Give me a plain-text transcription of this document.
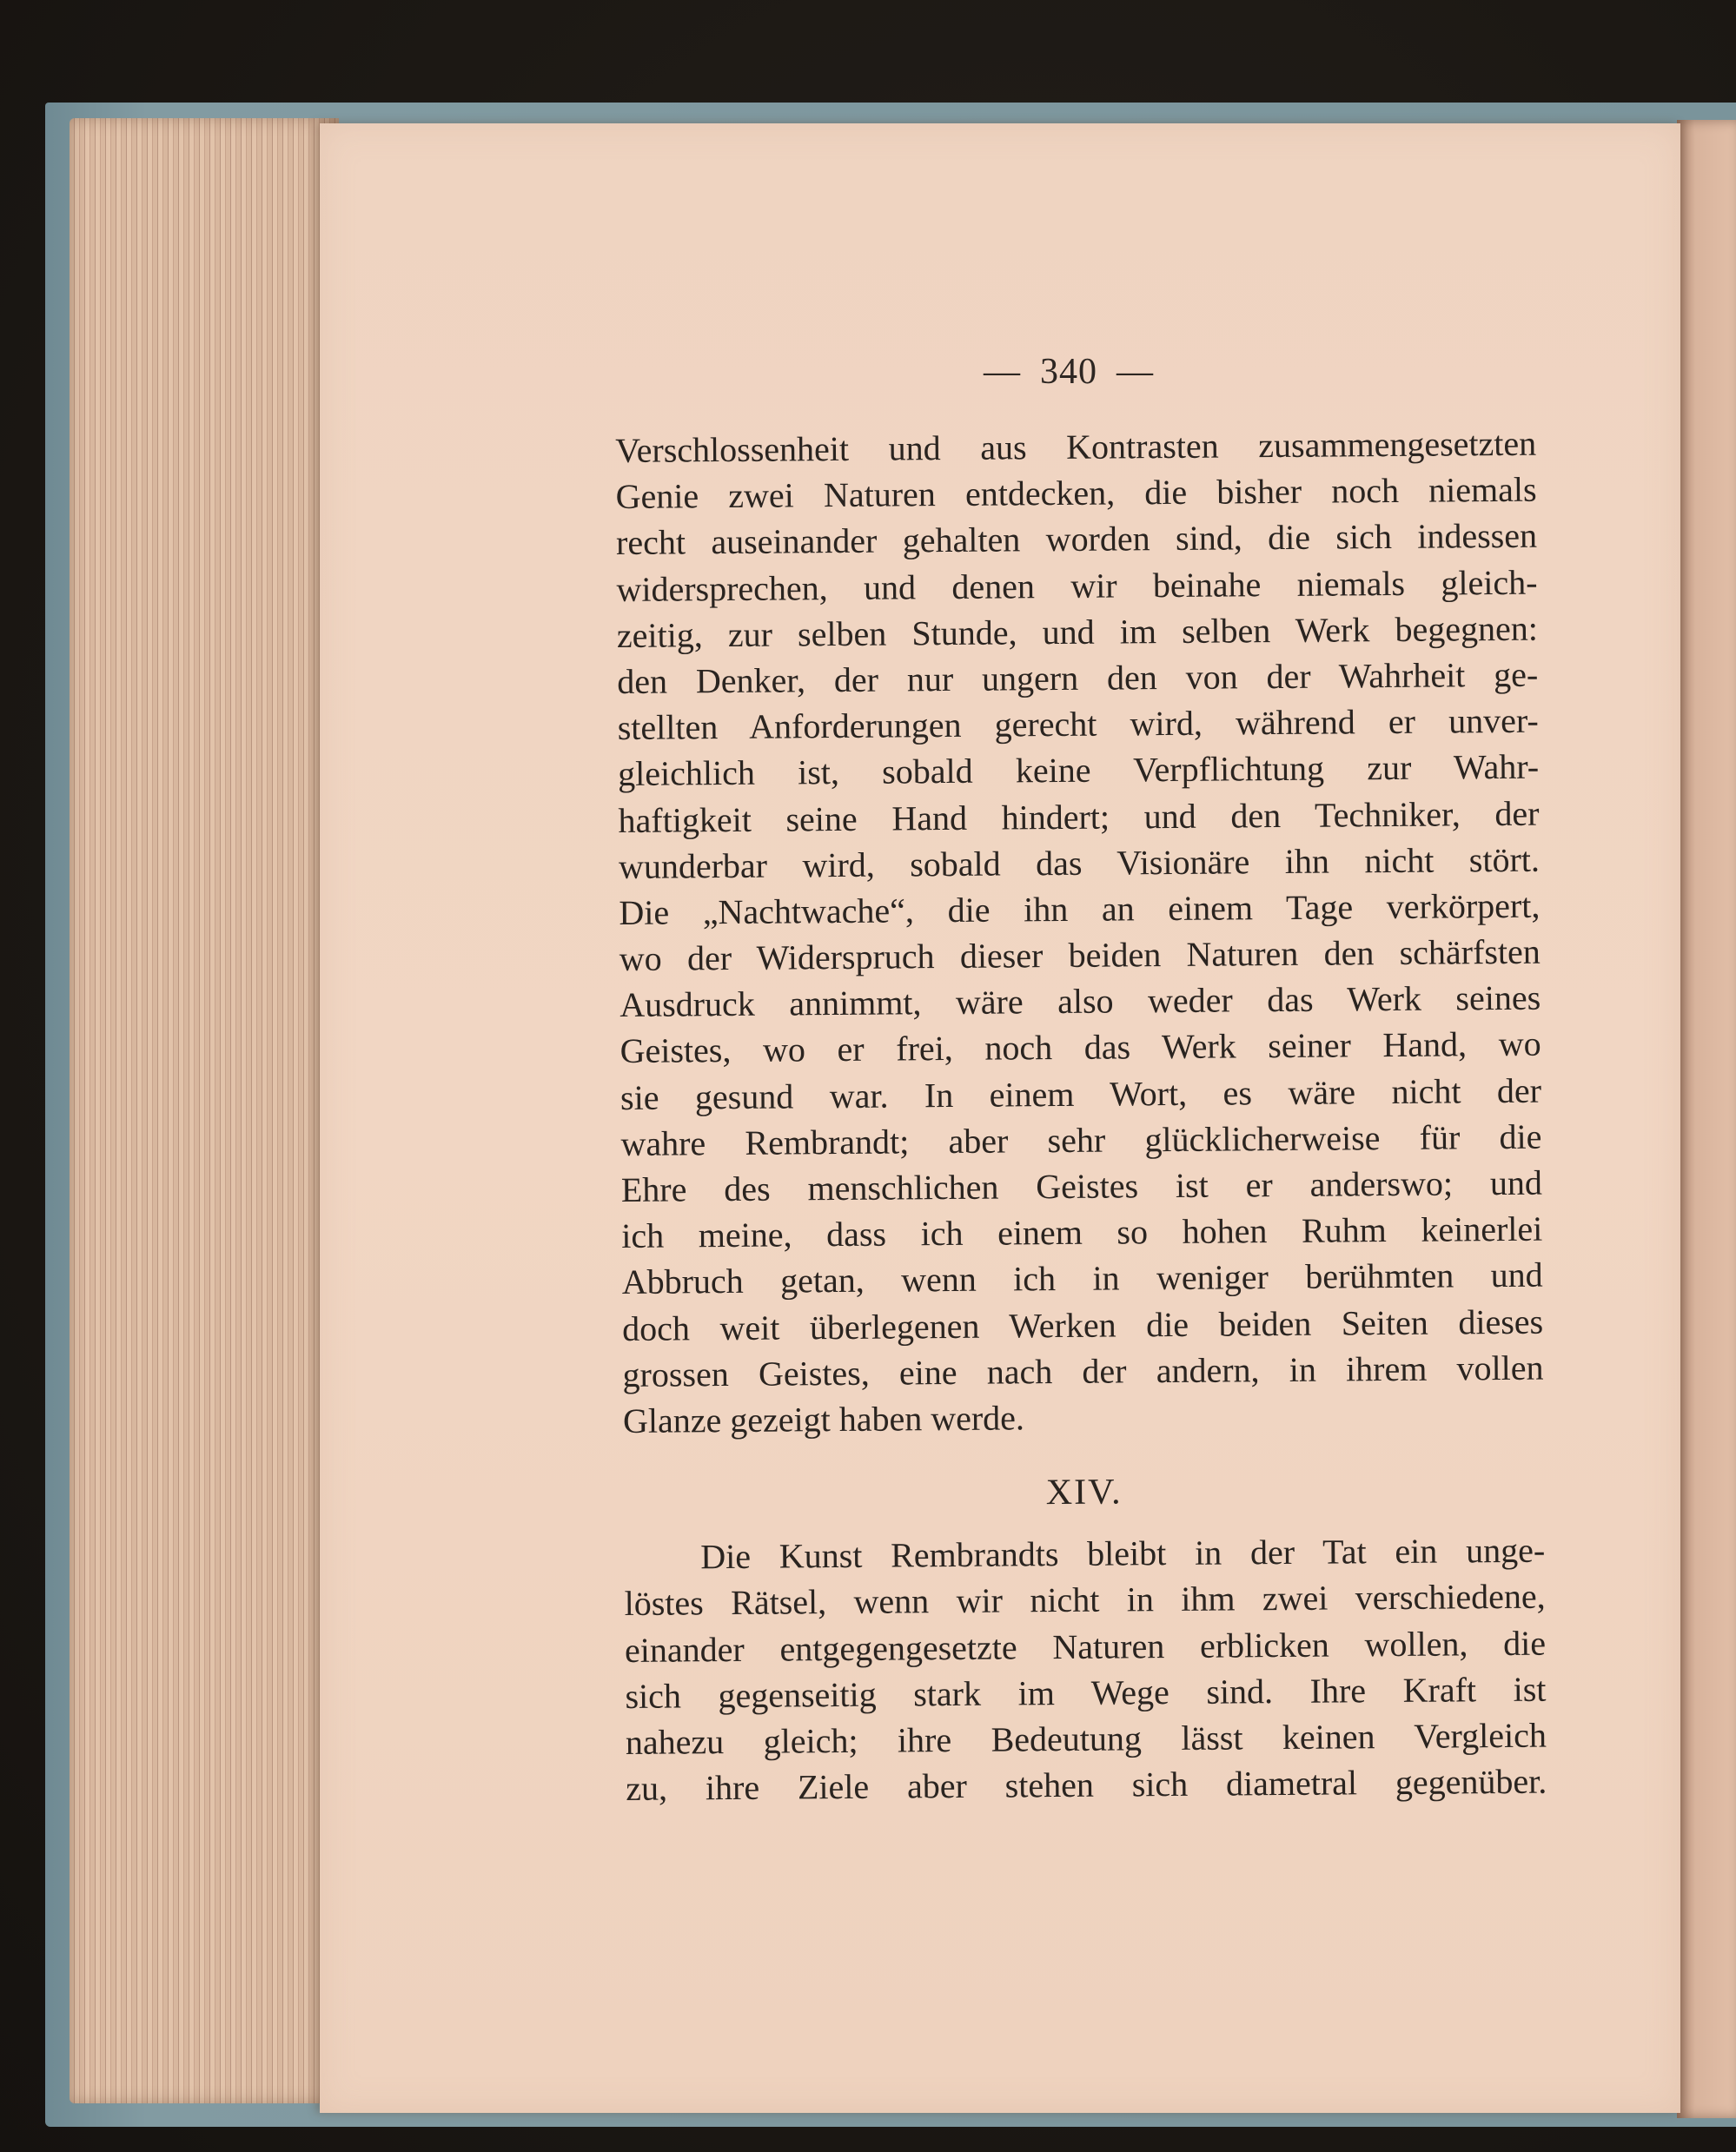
— 340 —
Verschlossenheit und aus Kontrasten zusammengesetzten
Genie zwei Naturen entdecken, die bisher noch niemals
recht auseinander gehalten worden sind, die sich indessen
widersprechen, und denen wir beinahe niemals gleich-
zeitig, zur selben Stunde, und im selben Werk begegnen:
den Denker, der nur ungern den von der Wahrheit ge-
stellten Anforderungen gerecht wird, während er unver-
gleichlich ist, sobald keine Verpflichtung zur Wahr-
haftigkeit seine Hand hindert; und den Techniker, der
wunderbar wird, sobald das Visionäre ihn nicht stört.
Die „Nachtwache“, die ihn an einem Tage verkörpert,
wo der Widerspruch dieser beiden Naturen den schärfsten
Ausdruck annimmt, wäre also weder das Werk seines
Geistes, wo er frei, noch das Werk seiner Hand, wo
sie gesund war. In einem Wort, es wäre nicht der
wahre Rembrandt; aber sehr glücklicherweise für die
Ehre des menschlichen Geistes ist er anderswo; und
ich meine, dass ich einem so hohen Ruhm keinerlei
Abbruch getan, wenn ich in weniger berühmten und
doch weit überlegenen Werken die beiden Seiten dieses
grossen Geistes, eine nach der andern, in ihrem vollen
Glanze gezeigt haben werde.
XIV.
Die Kunst Rembrandts bleibt in der Tat ein unge-
löstes Rätsel, wenn wir nicht in ihm zwei verschiedene,
einander entgegengesetzte Naturen erblicken wollen, die
sich gegenseitig stark im Wege sind. Ihre Kraft ist
nahezu gleich; ihre Bedeutung lässt keinen Vergleich
zu, ihre Ziele aber stehen sich diametral gegenüber.
